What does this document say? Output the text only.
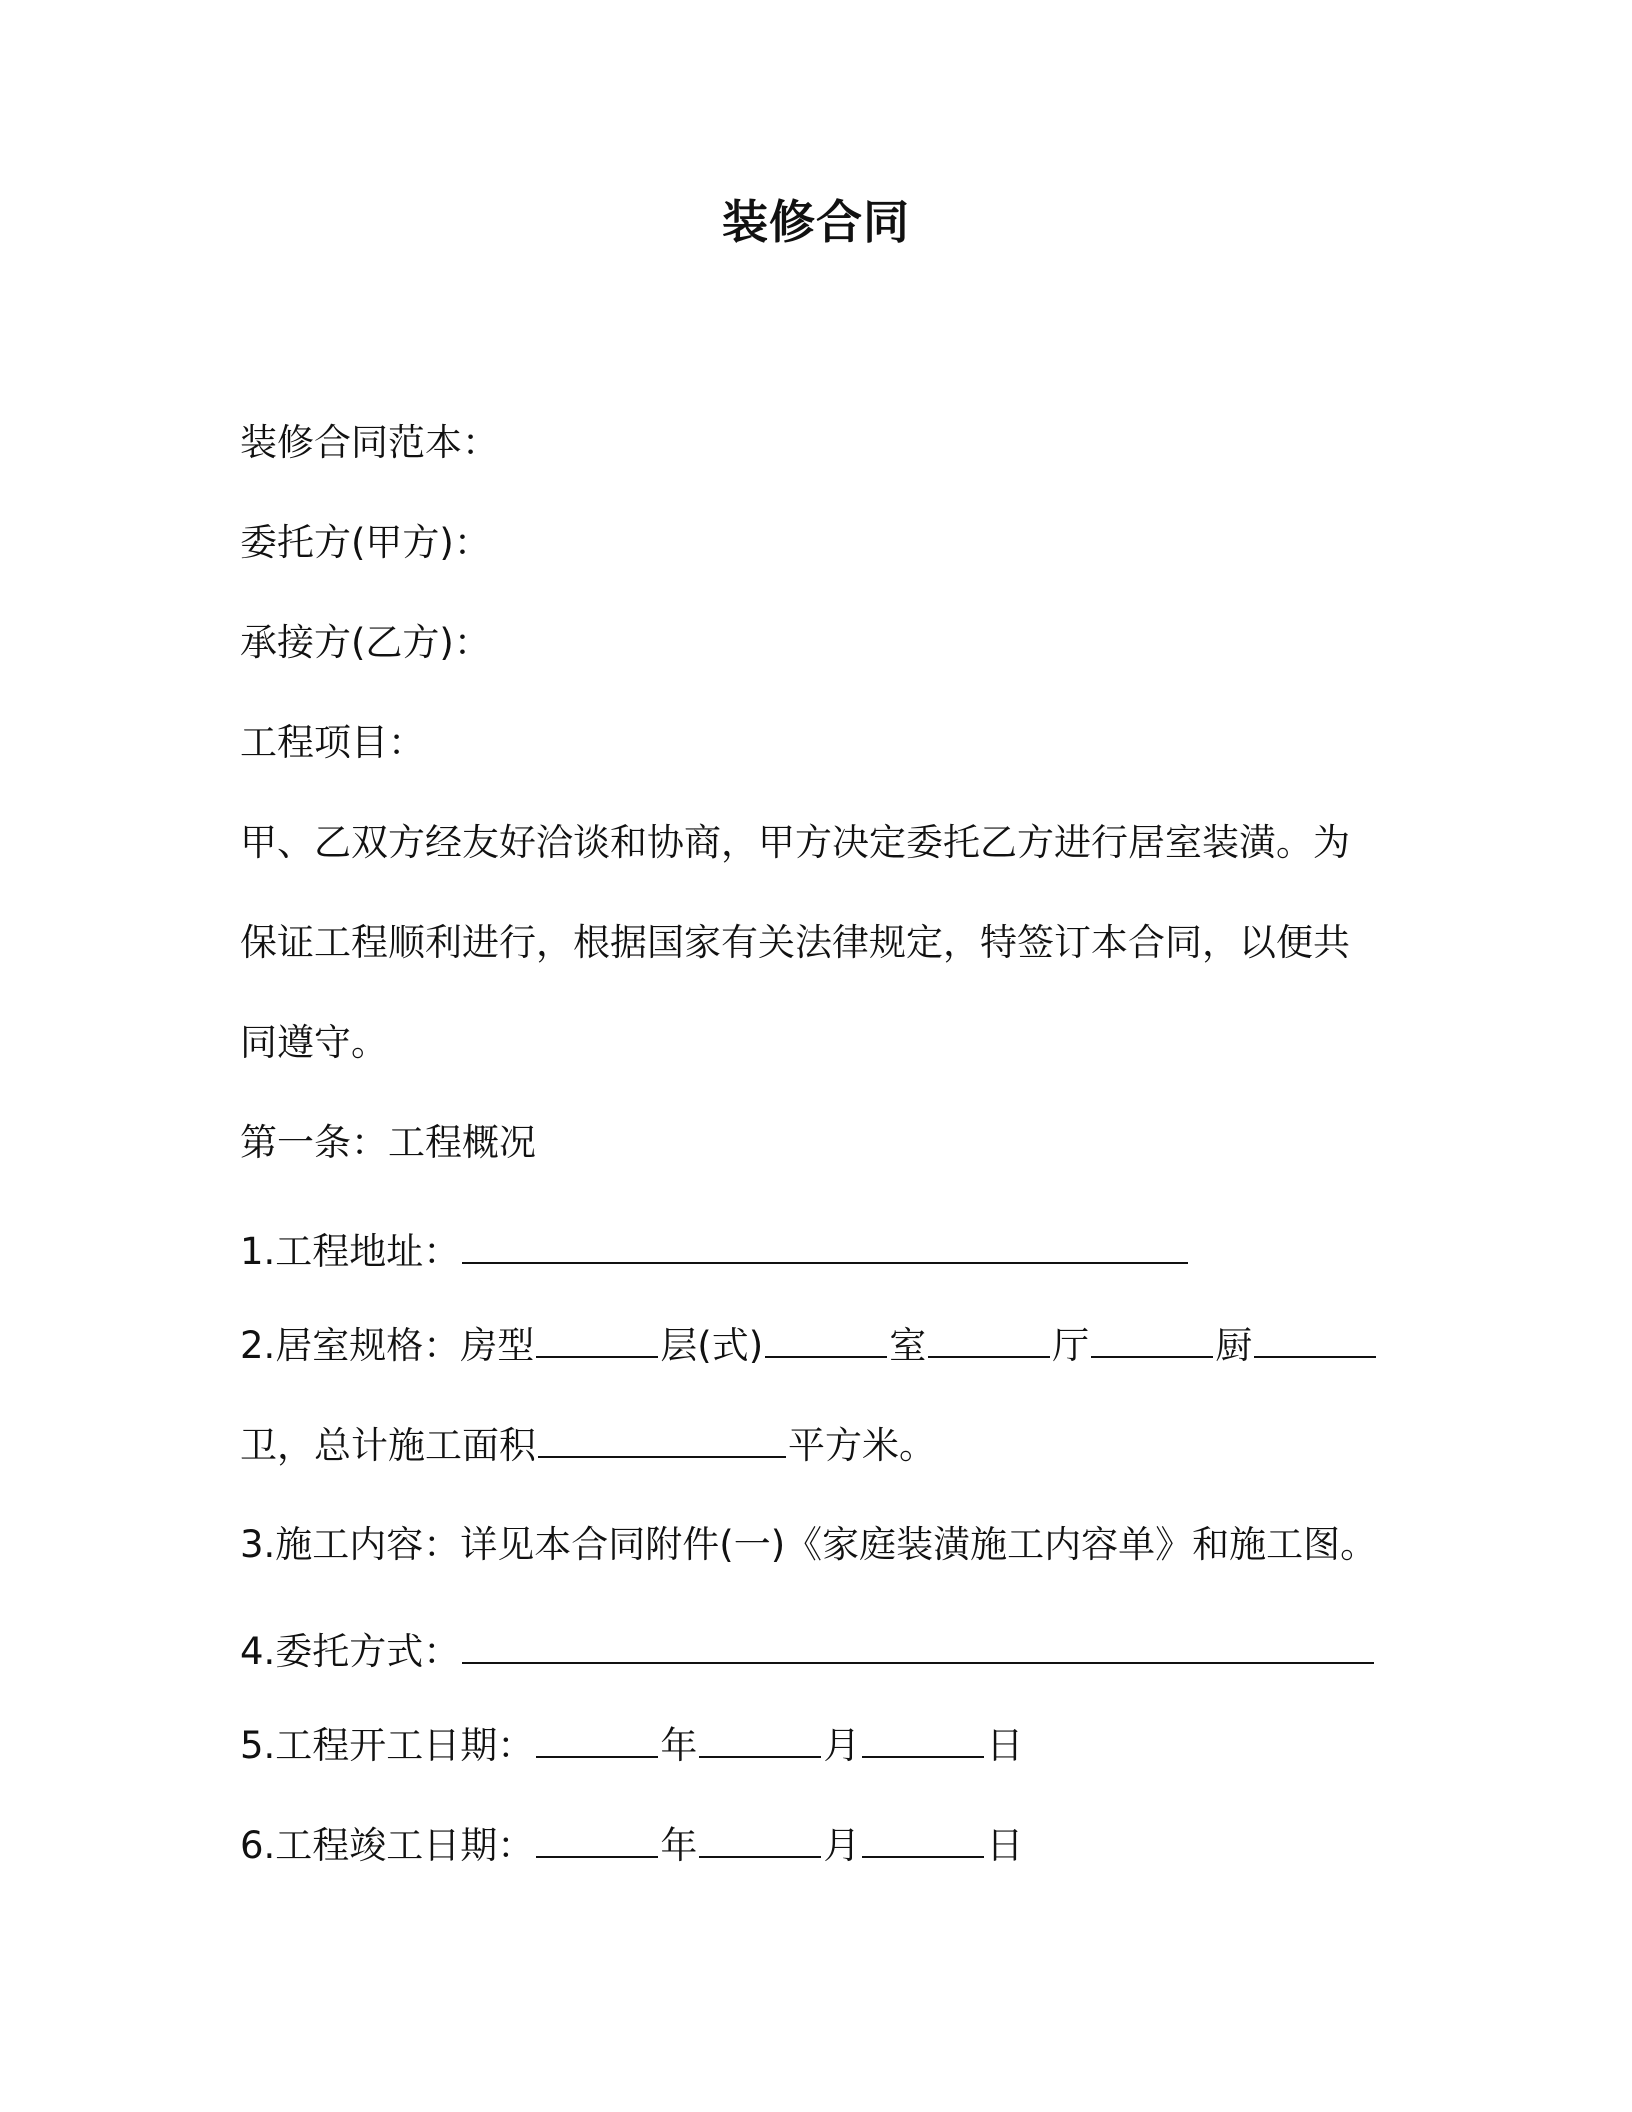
装修合同
装修合同范本：
委托方(甲方)：
承接方(乙方)：
工程项目：
甲、乙双方经友好洽谈和协商，甲方决定委托乙方进行居室装潢。为
保证工程顺利进行，根据国家有关法律规定，特签订本合同，以便共
同遵守。
第一条：工程概况
1.工程地址：
2.居室规格：房型	层(式)	室	厅	厨
卫，总计施工面积	平方米。
3.施工内容：详见本合同附件(一)《家庭装潢施工内容单》和施工图。
4.委托方式：
5.工程开工日期：	年	月	日
6.工程竣工日期：	年	月	日
